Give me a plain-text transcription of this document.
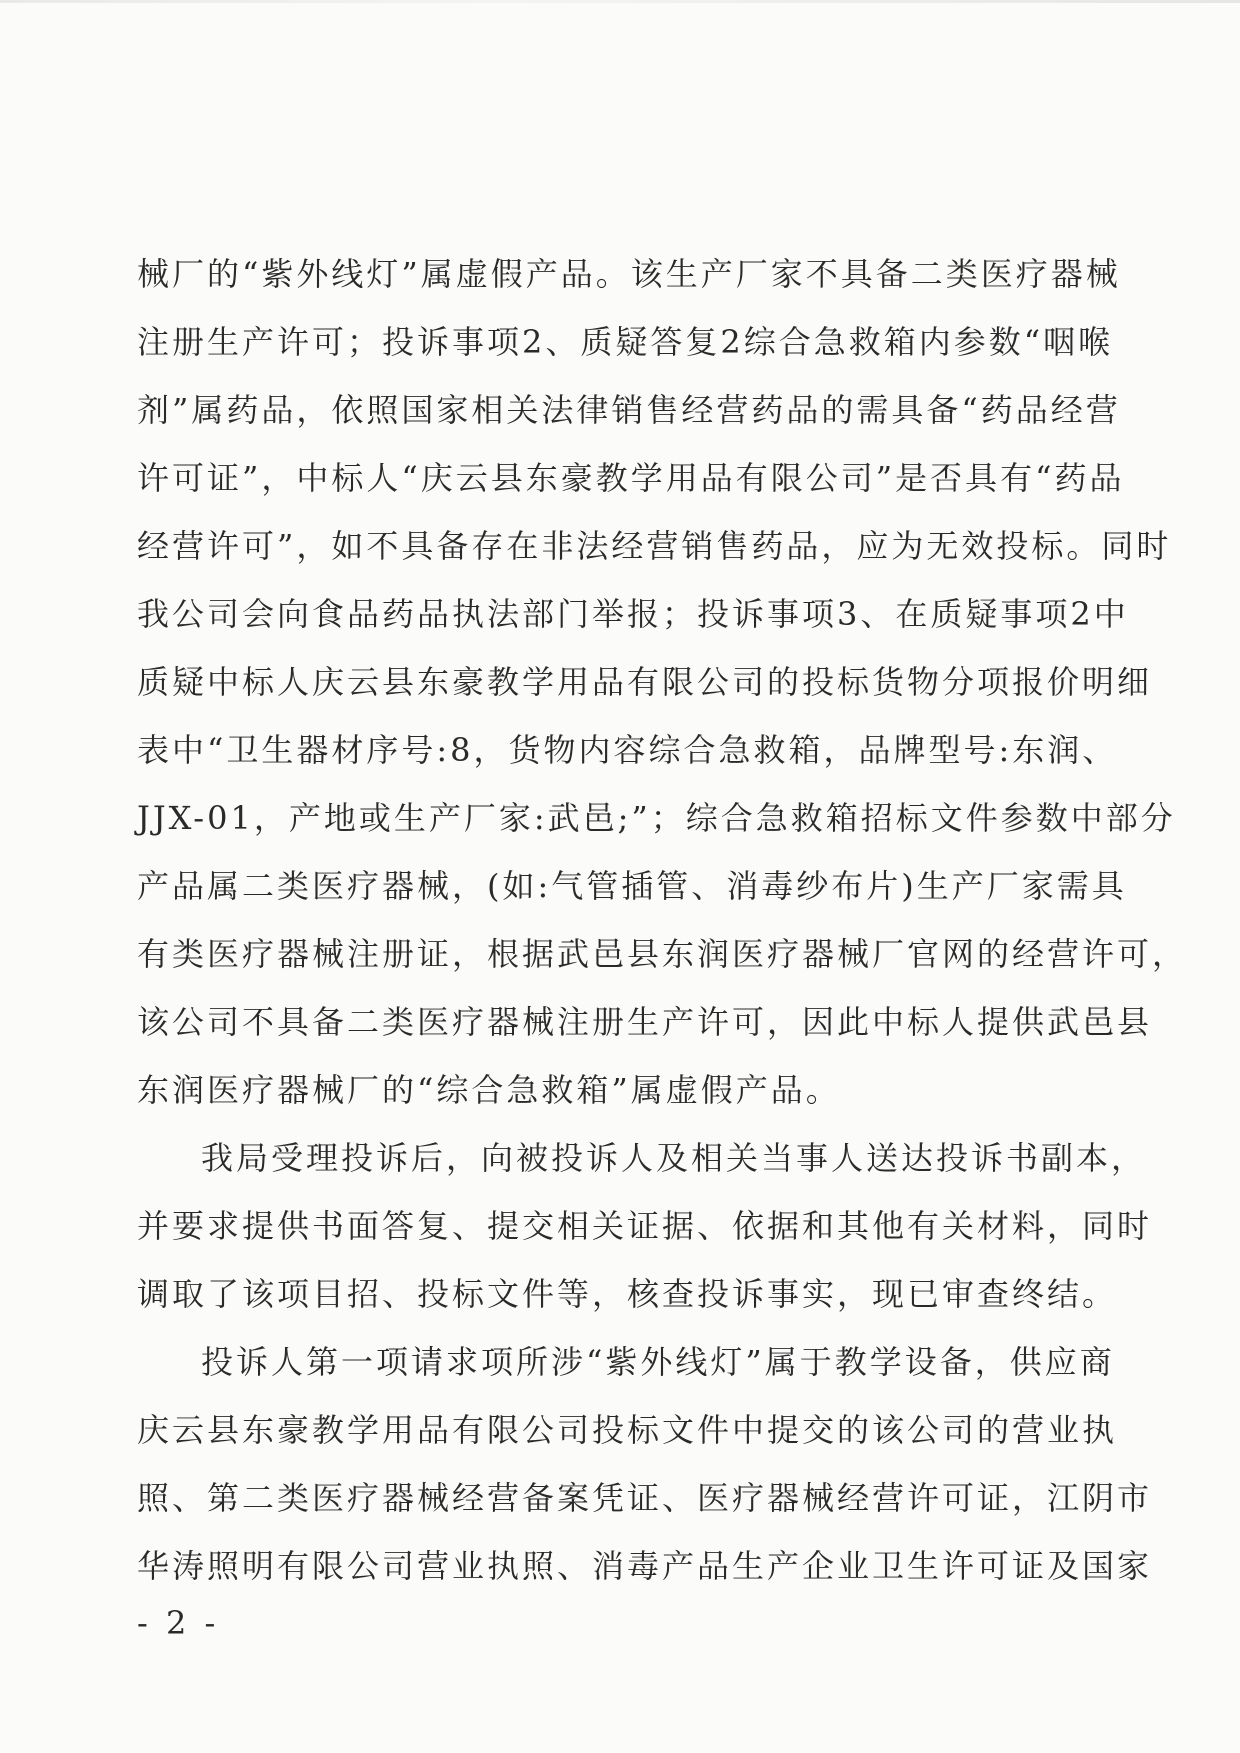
械厂的“紫外线灯”属虚假产品。该生产厂家不具备二类医疗器械
注册生产许可；投诉事项2、质疑答复2综合急救箱内参数“咽喉
剂”属药品，依照国家相关法律销售经营药品的需具备“药品经营
许可证”，中标人“庆云县东豪教学用品有限公司”是否具有“药品
经营许可”，如不具备存在非法经营销售药品，应为无效投标。同时
我公司会向食品药品执法部门举报；投诉事项3、在质疑事项2中
质疑中标人庆云县东豪教学用品有限公司的投标货物分项报价明细
表中“卫生器材序号:8，货物内容综合急救箱，品牌型号:东润、
JJX-01，产地或生产厂家:武邑;”；综合急救箱招标文件参数中部分
产品属二类医疗器械，(如:气管插管、消毒纱布片)生产厂家需具
有类医疗器械注册证，根据武邑县东润医疗器械厂官网的经营许可，
该公司不具备二类医疗器械注册生产许可，因此中标人提供武邑县
东润医疗器械厂的“综合急救箱”属虚假产品。

我局受理投诉后，向被投诉人及相关当事人送达投诉书副本，
并要求提供书面答复、提交相关证据、依据和其他有关材料，同时
调取了该项目招、投标文件等，核查投诉事实，现已审查终结。

投诉人第一项请求项所涉“紫外线灯”属于教学设备，供应商
庆云县东豪教学用品有限公司投标文件中提交的该公司的营业执
照、第二类医疗器械经营备案凭证、医疗器械经营许可证，江阴市
华涛照明有限公司营业执照、消毒产品生产企业卫生许可证及国家

- 2 -
